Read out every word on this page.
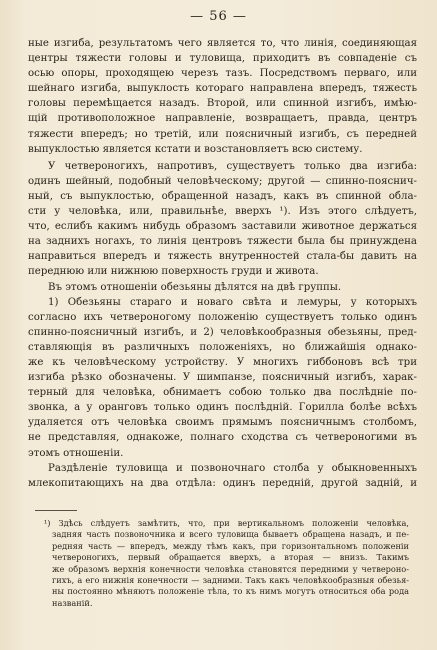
— 56 —
ные изгиба, результатомъ чего является то, что линія, соединяющая
центры тяжести головы и туловища, приходитъ въ совпаденіе съ
осью опоры, проходящею черезъ тазъ. Посредствомъ перваго, или
шейнаго изгиба, выпуклость котораго направлена впередъ, тяжесть
головы перемѣщается назадъ. Второй, или спинной изгибъ, имѣю-
щій противоположное направленіе, возвращаетъ, правда, центръ
тяжести впередъ; но третій, или поясничный изгибъ, съ передней
выпуклостью является кстати и возстановляетъ всю систему.
У четвероногихъ, напротивъ, существуетъ только два изгиба:
одинъ шейный, подобный человѣческому; другой — спинно-пояснич-
ный, съ выпуклостью, обращенной назадъ, какъ въ спинной обла-
сти у человѣка, или, правильнѣе, вверхъ ¹). Изъ этого слѣдуетъ,
что, еслибъ какимъ нибудь образомъ заставили животное держаться
на заднихъ ногахъ, то линія центровъ тяжести была бы принуждена
направиться впередъ и тяжесть внутренностей стала-бы давить на
переднюю или нижнюю поверхность груди и живота.
Въ этомъ отношеніи обезьяны дѣлятся на двѣ группы.
1) Обезьяны стараго и новаго свѣта и лемуры, у которыхъ
согласно ихъ четвероногому положенію существуетъ только одинъ
спинно-поясничный изгибъ, и 2) человѣкообразныя обезьяны, пред-
ставляющія въ различныхъ положеніяхъ, но ближайшія однако-
же къ человѣческому устройству. У многихъ гиббоновъ всѣ три
изгиба рѣзко обозначены. У шимпанзе, поясничный изгибъ, харак-
терный для человѣка, обнимаетъ собою только два послѣдніе по-
звонка, а у оранговъ только одинъ послѣдній. Горилла болѣе всѣхъ
удаляется отъ человѣка своимъ прямымъ поясничнымъ столбомъ,
не представляя, однакоже, полнаго сходства съ четвероногими въ
этомъ отношеніи.
Раздѣленіе туловища и позвоночнаго столба у обыкновенныхъ
млекопитающихъ на два отдѣла: одинъ передній, другой задній, и
¹) Здѣсь слѣдуетъ замѣтить, что, при вертикальномъ положеніи человѣка,
задняя часть позвоночника и всего туловища бываетъ обращена назадъ, и пе-
редняя часть — впередъ, между тѣмъ какъ, при горизонтальномъ положеніи
четвероногихъ, первый обращается вверхъ, а вторая — внизъ. Такимъ
же образомъ верхнія конечности человѣка становятся передними у четвероно-
гихъ, а его нижнія конечности — задними. Такъ какъ человѣкообразныя обезья-
ны постоянно мѣняютъ положеніе тѣла, то къ нимъ могутъ относиться оба рода
названій.
